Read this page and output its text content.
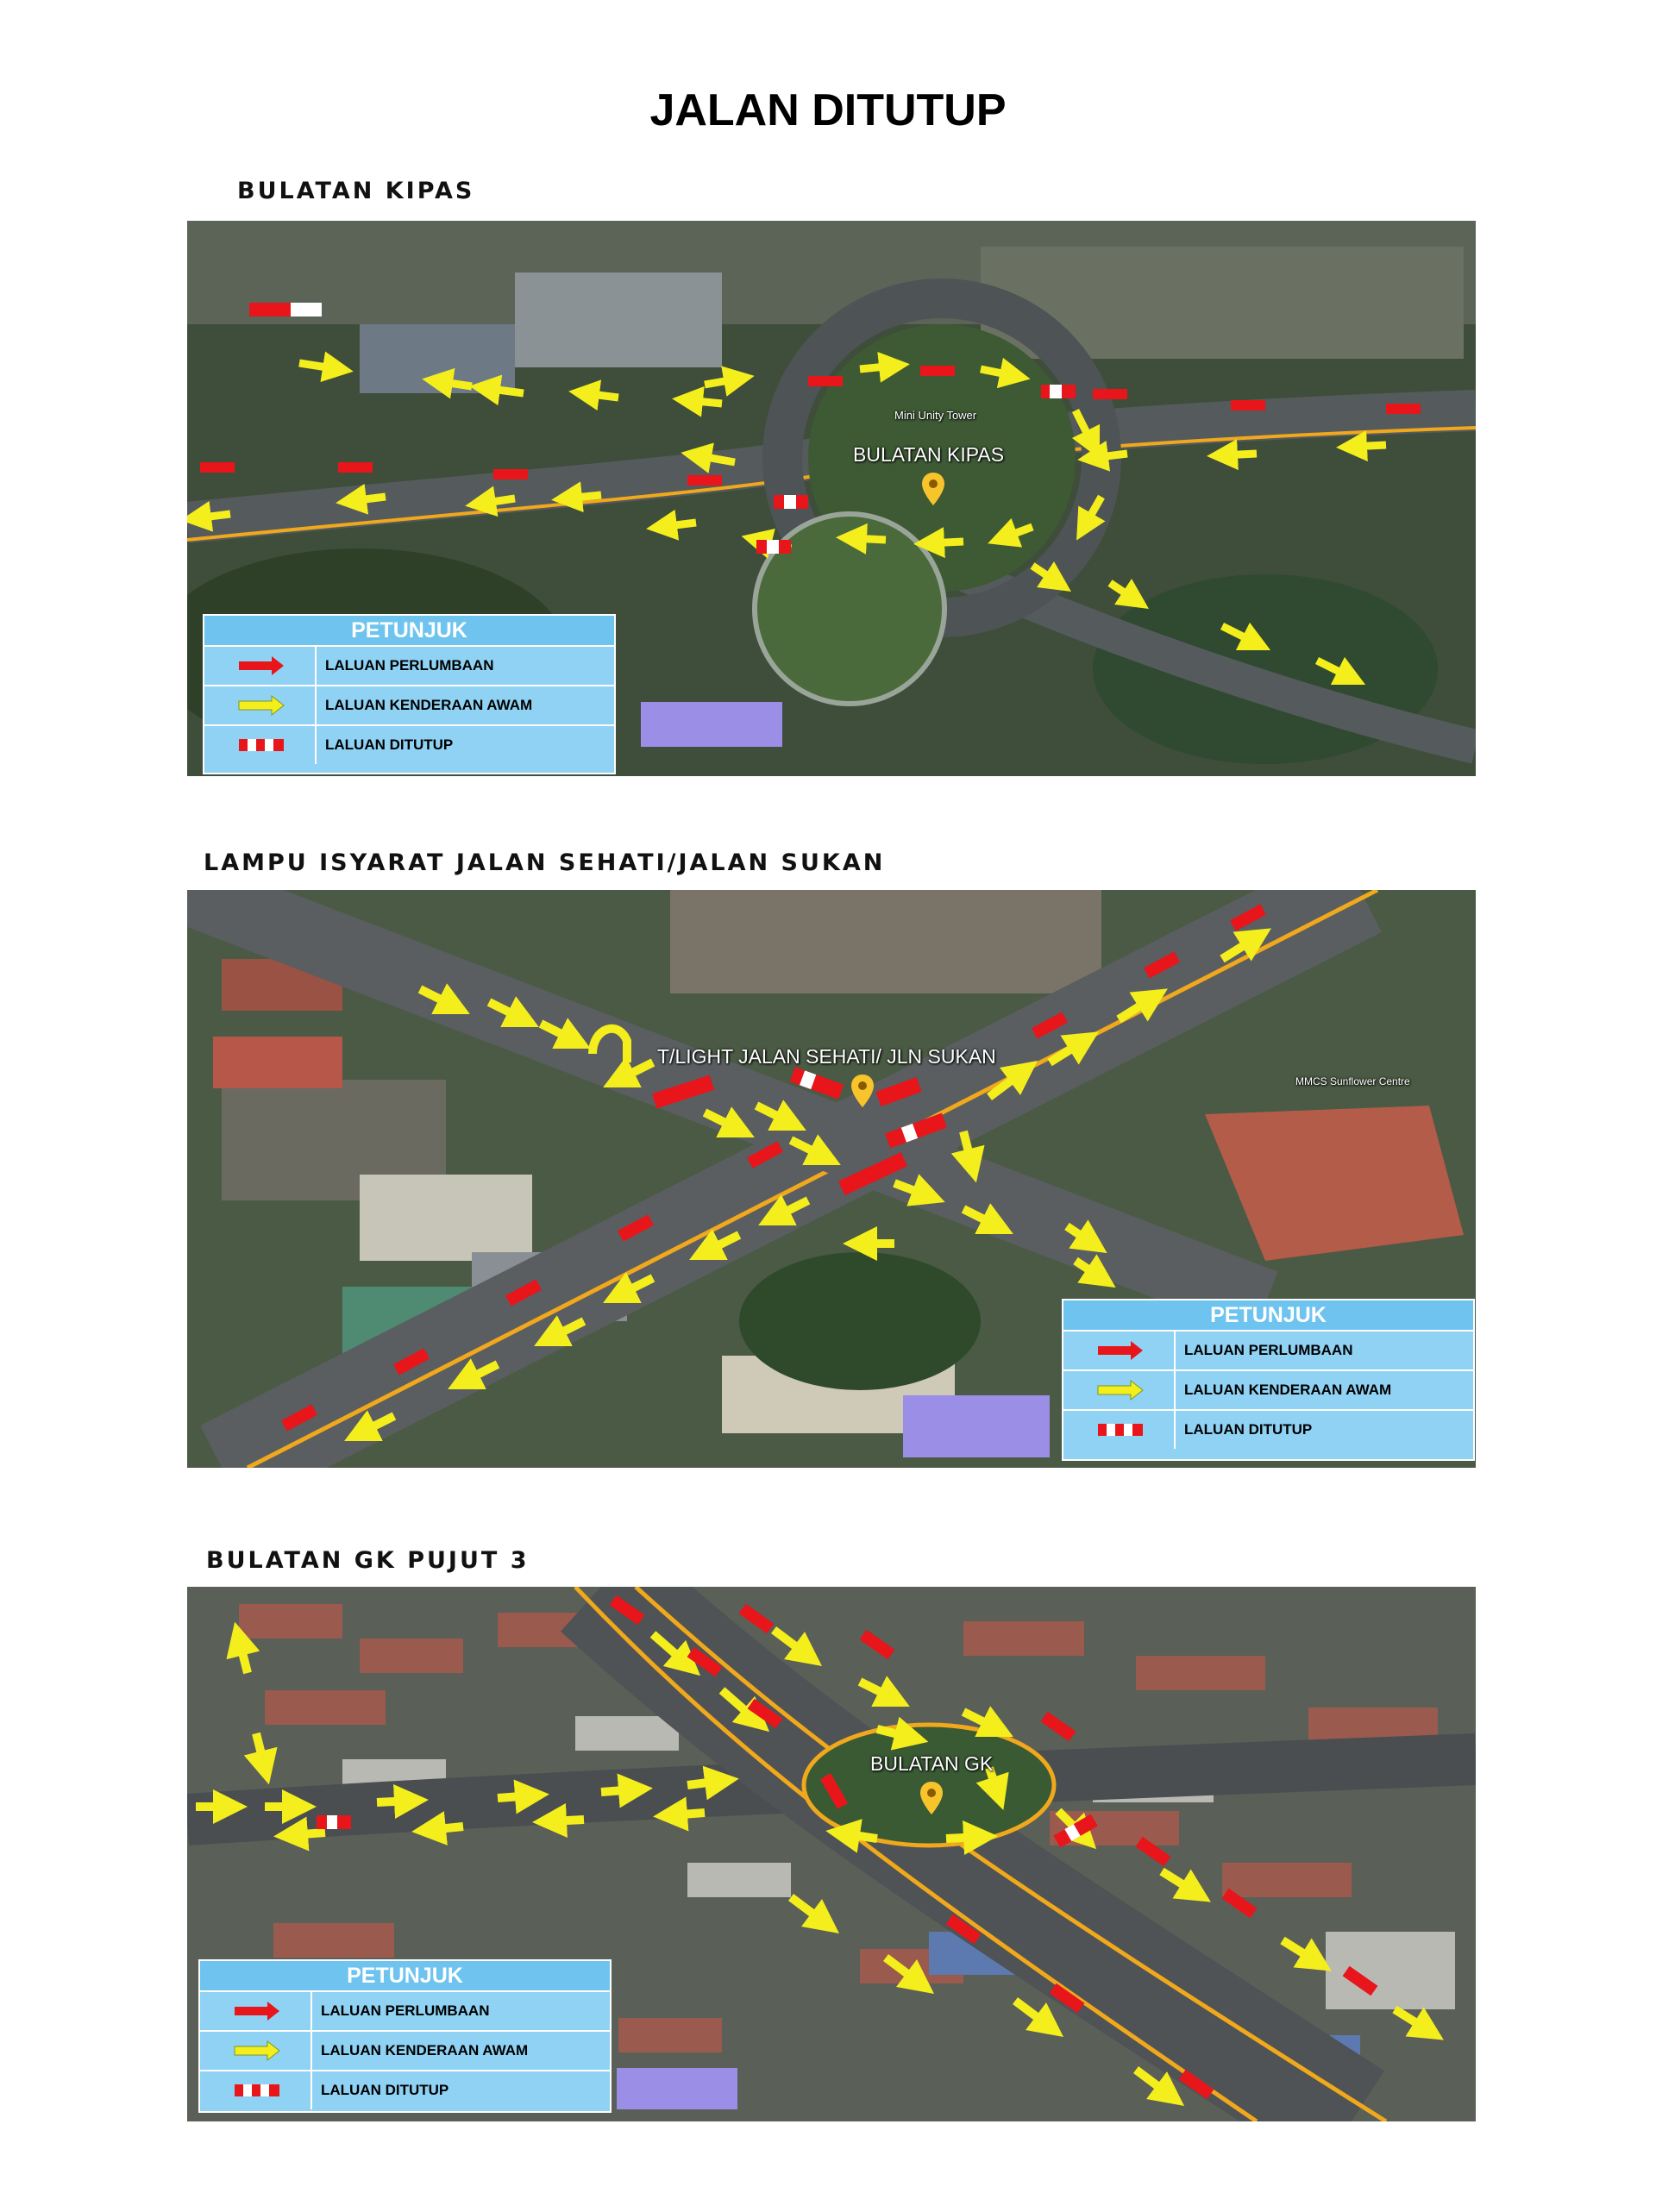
JALAN DITUTUP
BULATAN KIPAS
Mini Unity Tower
BULATAN KIPAS
PETUNJUK
LALUAN PERLUMBAAN
LALUAN KENDERAAN AWAM
LALUAN DITUTUP
LAMPU ISYARAT JALAN SEHATI/JALAN SUKAN
T/LIGHT JALAN SEHATI/ JLN SUKAN
MMCS Sunflower Centre
PETUNJUK
LALUAN PERLUMBAAN
LALUAN KENDERAAN AWAM
LALUAN DITUTUP
BULATAN GK PUJUT 3
BULATAN GK
PETUNJUK
LALUAN PERLUMBAAN
LALUAN KENDERAAN AWAM
LALUAN DITUTUP
